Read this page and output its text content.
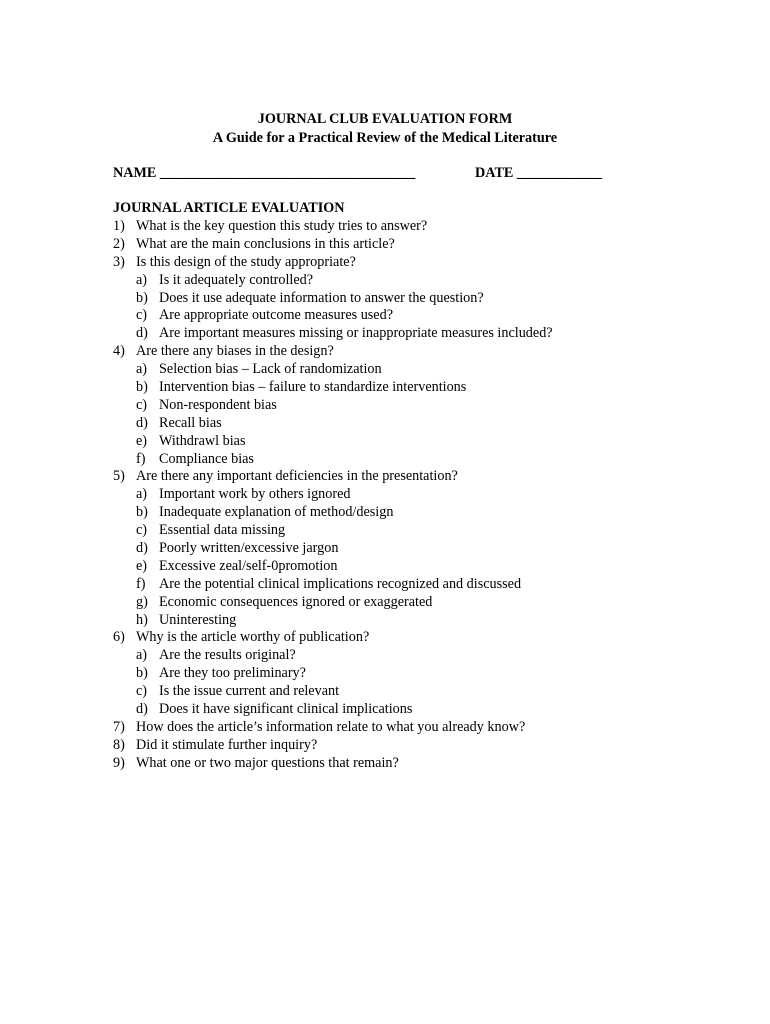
JOURNAL CLUB EVALUATION FORM
A Guide for a Practical Review of the Medical Literature
NAME ____________________________________	DATE ____________
JOURNAL ARTICLE EVALUATION
1) What is the key question this study tries to answer?
2) What are the main conclusions in this article?
3) Is this design of the study appropriate?
a) Is it adequately controlled?
b) Does it use adequate information to answer the question?
c) Are appropriate outcome measures used?
d) Are important measures missing or inappropriate measures included?
4) Are there any biases in the design?
a) Selection bias – Lack of randomization
b) Intervention bias – failure to standardize interventions
c) Non-respondent bias
d) Recall bias
e) Withdrawl bias
f) Compliance bias
5) Are there any important deficiencies in the presentation?
a) Important work by others ignored
b) Inadequate explanation of method/design
c) Essential data missing
d) Poorly written/excessive jargon
e) Excessive zeal/self-0promotion
f) Are the potential clinical implications recognized and discussed
g) Economic consequences ignored or exaggerated
h) Uninteresting
6) Why is the article worthy of publication?
a) Are the results original?
b) Are they too preliminary?
c) Is the issue current and relevant
d) Does it have significant clinical implications
7) How does the article’s information relate to what you already know?
8) Did it stimulate further inquiry?
9) What one or two major questions that remain?
